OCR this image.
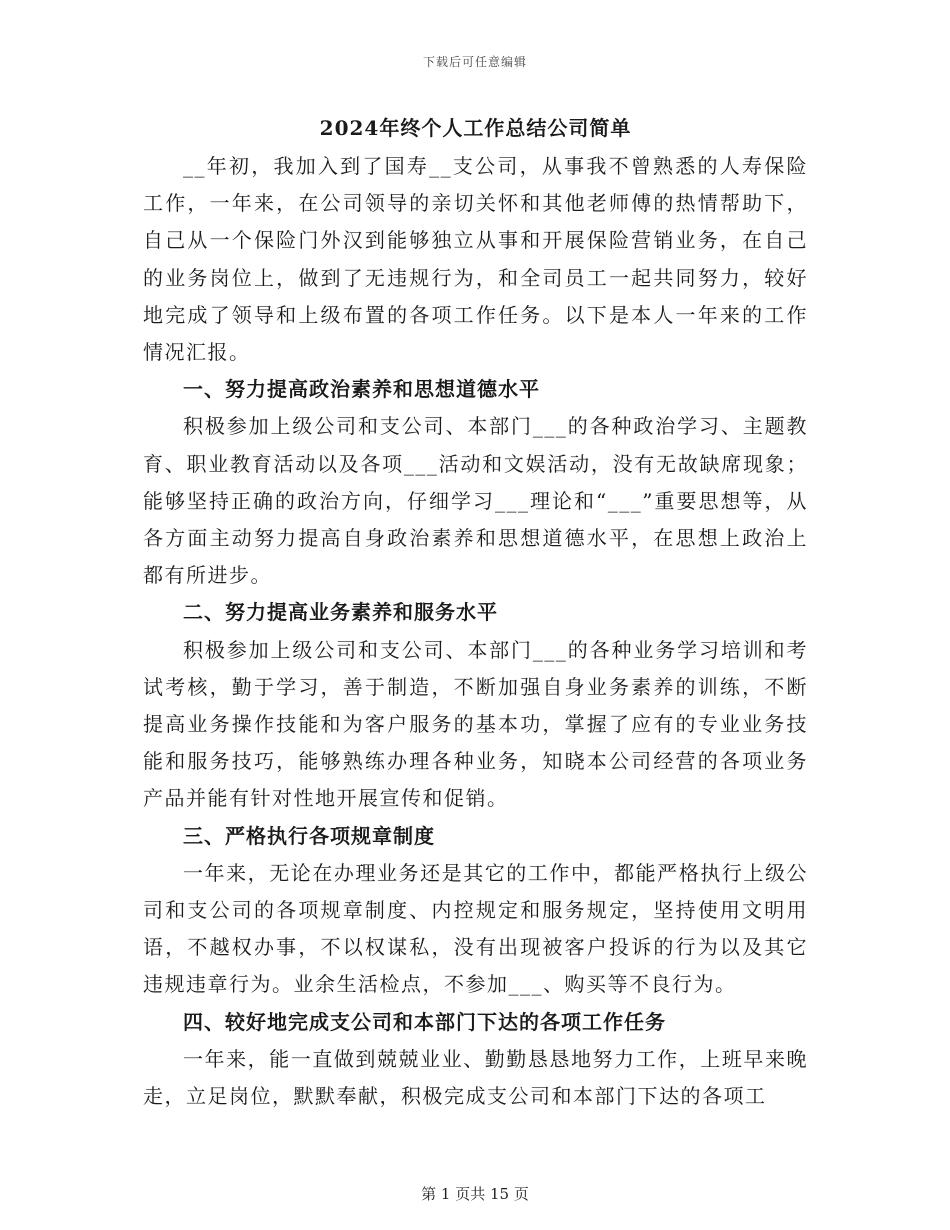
下载后可任意编辑
2024年终个人工作总结公司简单

__年初，我加入到了国寿__支公司，从事我不曾熟悉的人寿保险工作，一年来，在公司领导的亲切关怀和其他老师傅的热情帮助下，自己从一个保险门外汉到能够独立从事和开展保险营销业务，在自己的业务岗位上，做到了无违规行为，和全司员工一起共同努力，较好地完成了领导和上级布置的各项工作任务。以下是本人一年来的工作情况汇报。

一、努力提高政治素养和思想道德水平

积极参加上级公司和支公司、本部门___的各种政治学习、主题教育、职业教育活动以及各项___活动和文娱活动，没有无故缺席现象；能够坚持正确的政治方向，仔细学习___理论和“___”重要思想等，从各方面主动努力提高自身政治素养和思想道德水平，在思想上政治上都有所进步。

二、努力提高业务素养和服务水平

积极参加上级公司和支公司、本部门___的各种业务学习培训和考试考核，勤于学习，善于制造，不断加强自身业务素养的训练，不断提高业务操作技能和为客户服务的基本功，掌握了应有的专业业务技能和服务技巧，能够熟练办理各种业务，知晓本公司经营的各项业务产品并能有针对性地开展宣传和促销。

三、严格执行各项规章制度

一年来，无论在办理业务还是其它的工作中，都能严格执行上级公司和支公司的各项规章制度、内控规定和服务规定，坚持使用文明用语，不越权办事，不以权谋私，没有出现被客户投诉的行为以及其它违规违章行为。业余生活检点，不参加___、购买等不良行为。

四、较好地完成支公司和本部门下达的各项工作任务

一年来，能一直做到兢兢业业、勤勤恳恳地努力工作，上班早来晚走，立足岗位，默默奉献，积极完成支公司和本部门下达的各项工

第 1 页共 15 页
